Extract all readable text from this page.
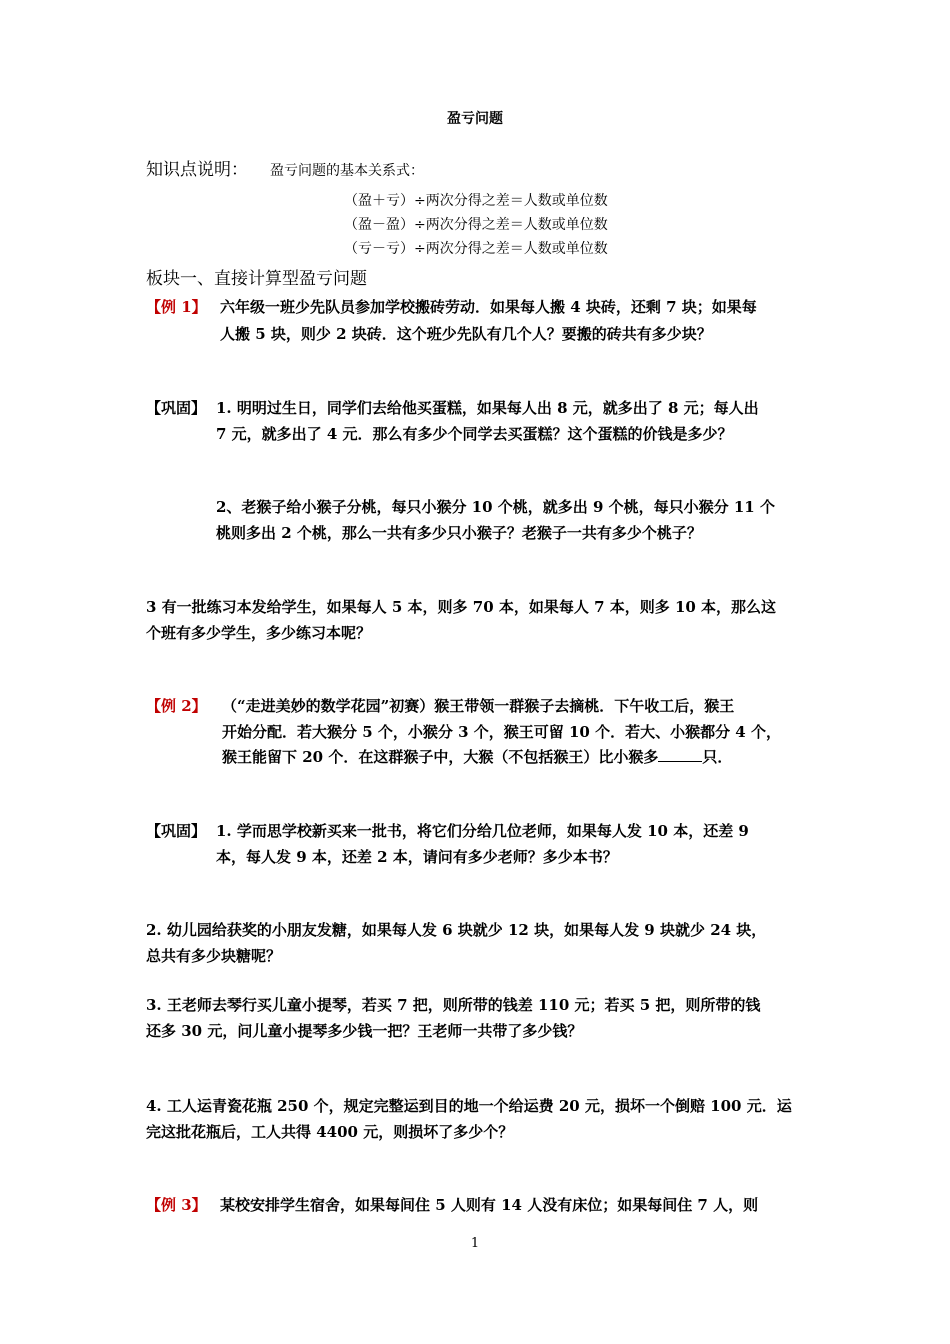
盈亏问题
知识点说明： 盈亏问题的基本关系式：
（盈＋亏）÷两次分得之差＝人数或单位数
（盈－盈）÷两次分得之差＝人数或单位数
（亏－亏）÷两次分得之差＝人数或单位数
板块一、直接计算型盈亏问题
【例 1】 六年级一班少先队员参加学校搬砖劳动．如果每人搬 4 块砖，还剩 7 块；如果每
人搬 5 块，则少 2 块砖．这个班少先队有几个人？要搬的砖共有多少块？
【巩固】 1. 明明过生日，同学们去给他买蛋糕，如果每人出 8 元，就多出了 8 元；每人出
7 元，就多出了 4 元．那么有多少个同学去买蛋糕？这个蛋糕的价钱是多少？
2、老猴子给小猴子分桃，每只小猴分 10 个桃，就多出 9 个桃，每只小猴分 11 个
桃则多出 2 个桃，那么一共有多少只小猴子？老猴子一共有多少个桃子？
3 有一批练习本发给学生，如果每人 5 本，则多 70 本，如果每人 7 本，则多 10 本，那么这
个班有多少学生，多少练习本呢？
【例 2】 （“走进美妙的数学花园”初赛）猴王带领一群猴子去摘桃．下午收工后，猴王
开始分配．若大猴分 5 个，小猴分 3 个，猴王可留 10 个．若大、小猴都分 4 个，
猴王能留下 20 个．在这群猴子中，大猴（不包括猴王）比小猴多	只．
【巩固】 1. 学而思学校新买来一批书，将它们分给几位老师，如果每人发 10 本，还差 9
本，每人发 9 本，还差 2 本，请问有多少老师？多少本书？
2. 幼儿园给获奖的小朋友发糖，如果每人发 6 块就少 12 块，如果每人发 9 块就少 24 块，
总共有多少块糖呢？
3. 王老师去琴行买儿童小提琴，若买 7 把，则所带的钱差 110 元；若买 5 把，则所带的钱
还多 30 元，问儿童小提琴多少钱一把？王老师一共带了多少钱？
4. 工人运青瓷花瓶 250 个，规定完整运到目的地一个给运费 20 元，损坏一个倒赔 100 元．运
完这批花瓶后，工人共得 4400 元，则损坏了多少个？
【例 3】 某校安排学生宿舍，如果每间住 5 人则有 14 人没有床位；如果每间住 7 人，则
1
